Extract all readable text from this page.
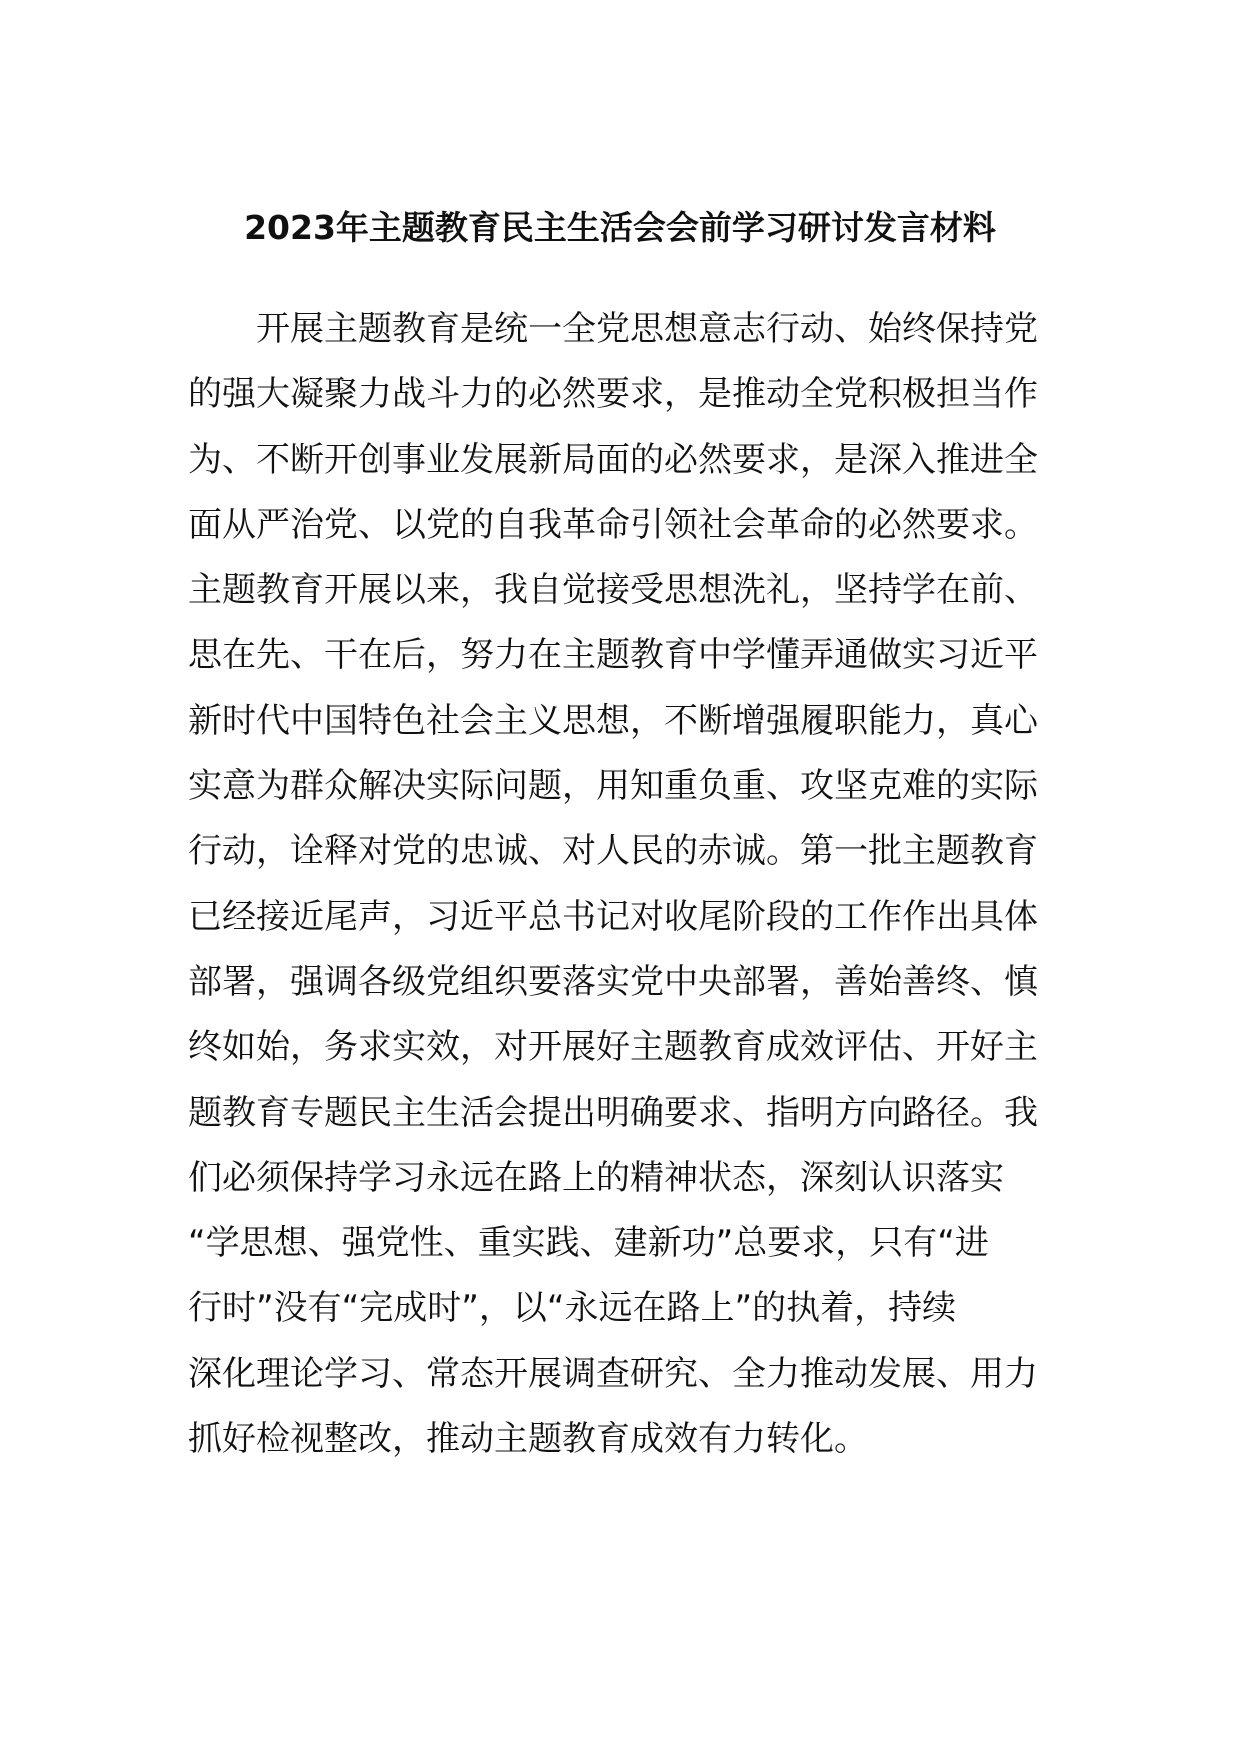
2023年主题教育民主生活会会前学习研讨发言材料
开展主题教育是统一全党思想意志行动、始终保持党
的强大凝聚力战斗力的必然要求，是推动全党积极担当作
为、不断开创事业发展新局面的必然要求，是深入推进全
面从严治党、以党的自我革命引领社会革命的必然要求。
主题教育开展以来，我自觉接受思想洗礼，坚持学在前、
思在先、干在后，努力在主题教育中学懂弄通做实习近平
新时代中国特色社会主义思想，不断增强履职能力，真心
实意为群众解决实际问题，用知重负重、攻坚克难的实际
行动，诠释对党的忠诚、对人民的赤诚。第一批主题教育
已经接近尾声，习近平总书记对收尾阶段的工作作出具体
部署，强调各级党组织要落实党中央部署，善始善终、慎
终如始，务求实效，对开展好主题教育成效评估、开好主
题教育专题民主生活会提出明确要求、指明方向路径。我
们必须保持学习永远在路上的精神状态，深刻认识落实
“学思想、强党性、重实践、建新功”总要求，只有“进
行时”没有“完成时”，以“永远在路上”的执着，持续
深化理论学习、常态开展调查研究、全力推动发展、用力
抓好检视整改，推动主题教育成效有力转化。
